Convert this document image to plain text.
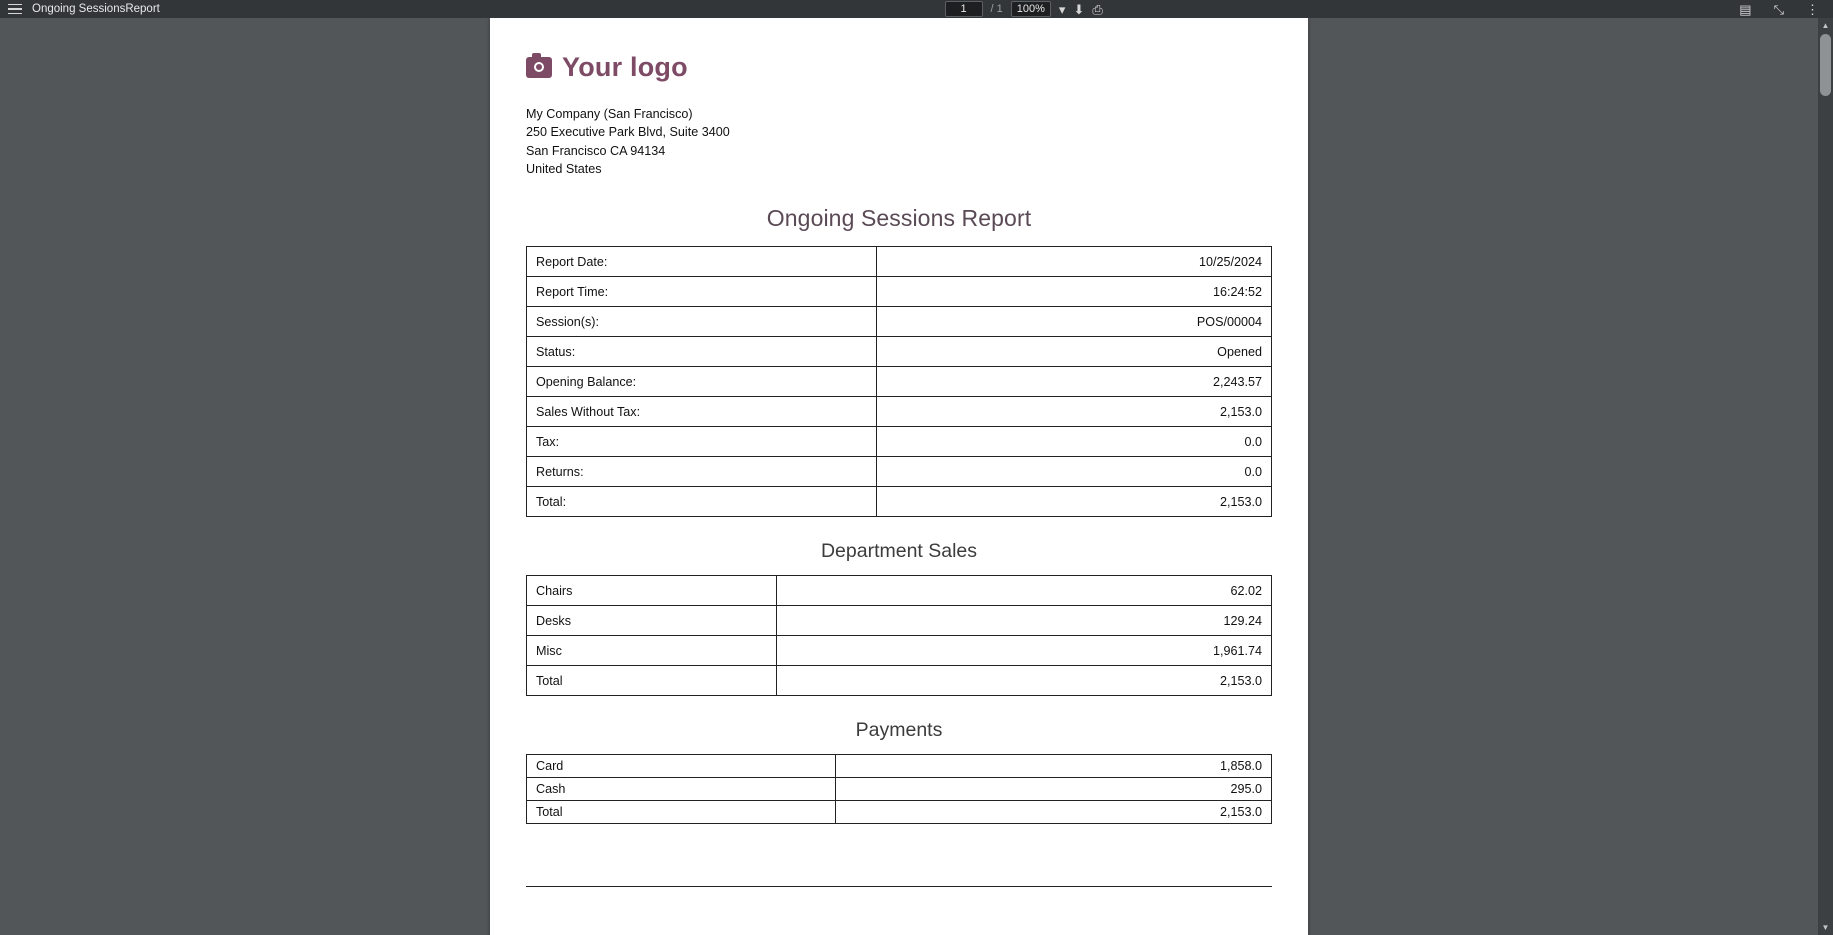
Ongoing SessionsReport	1	/ 1	100%	▾ ⬇ ⎙	▤ ⤡ ⋮
Your logo
My Company (San Francisco)
250 Executive Park Blvd, Suite 3400
San Francisco CA 94134
United States
Ongoing Sessions Report
Report Date:	10/25/2024
Report Time:	16:24:52
Session(s):	POS/00004
Status:	Opened
Opening Balance:	2,243.57
Sales Without Tax:	2,153.0
Tax:	0.0
Returns:	0.0
Total:	2,153.0
Department Sales
Chairs	62.02
Desks	129.24
Misc	1,961.74
Total	2,153.0
Payments
Card	1,858.0
Cash	295.0
Total	2,153.0
▲
▼
